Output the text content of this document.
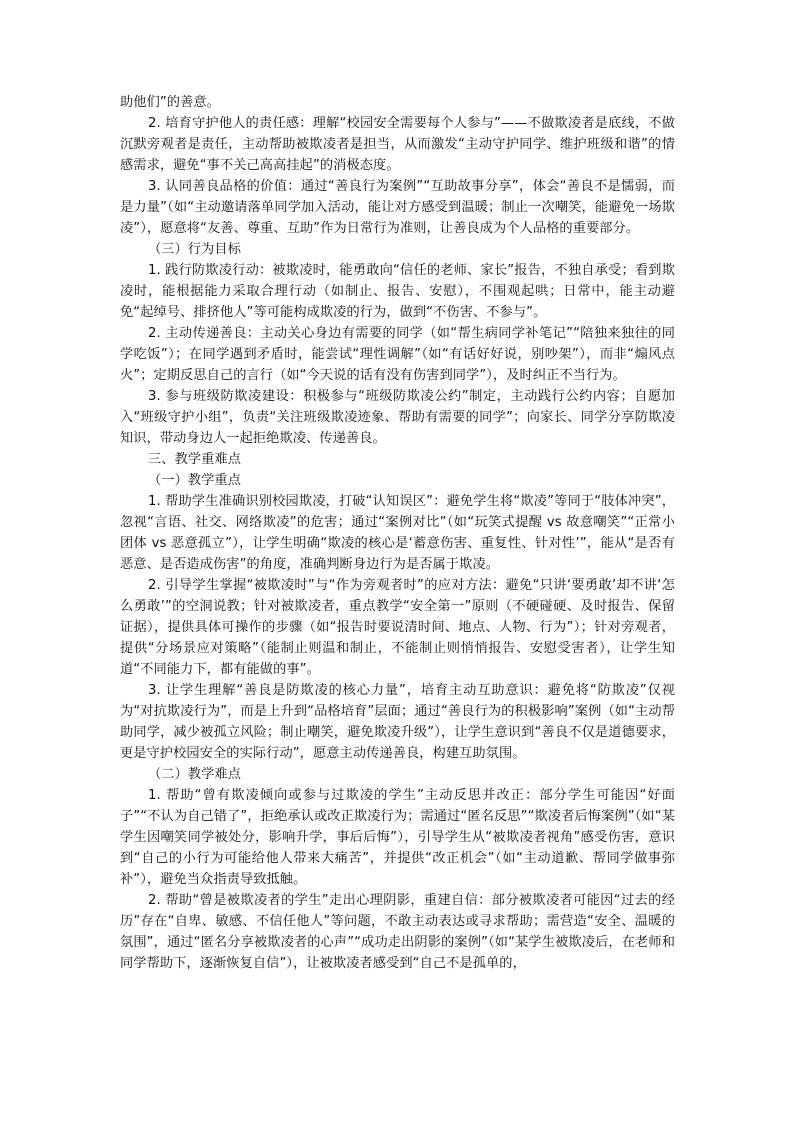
助他们”的善意。

2. 培育守护他人的责任感：理解“校园安全需要每个人参与”——不做欺凌者是底线，不做沉默旁观者是责任，主动帮助被欺凌者是担当，从而激发“主动守护同学、维护班级和谐”的情感需求，避免“事不关己高高挂起”的消极态度。

3. 认同善良品格的价值：通过“善良行为案例”“互助故事分享”，体会“善良不是懦弱，而是力量”（如“主动邀请落单同学加入活动，能让对方感受到温暖；制止一次嘲笑，能避免一场欺凌”），愿意将“友善、尊重、互助”作为日常行为准则，让善良成为个人品格的重要部分。

（三）行为目标

1. 践行防欺凌行动：被欺凌时，能勇敢向“信任的老师、家长”报告，不独自承受；看到欺凌时，能根据能力采取合理行动（如制止、报告、安慰），不围观起哄；日常中，能主动避免“起绰号、排挤他人”等可能构成欺凌的行为，做到“不伤害、不参与”。

2. 主动传递善良：主动关心身边有需要的同学（如“帮生病同学补笔记”“陪独来独往的同学吃饭”）；在同学遇到矛盾时，能尝试“理性调解”（如“有话好好说，别吵架”），而非“煽风点火”；定期反思自己的言行（如“今天说的话有没有伤害到同学”），及时纠正不当行为。

3. 参与班级防欺凌建设：积极参与“班级防欺凌公约”制定，主动践行公约内容；自愿加入“班级守护小组”，负责“关注班级欺凌迹象、帮助有需要的同学”；向家长、同学分享防欺凌知识，带动身边人一起拒绝欺凌、传递善良。

三、教学重难点

（一）教学重点

1. 帮助学生准确识别校园欺凌，打破“认知误区”：避免学生将“欺凌”等同于“肢体冲突”，忽视“言语、社交、网络欺凌”的危害；通过“案例对比”（如“玩笑式提醒 vs 故意嘲笑”“正常小团体 vs 恶意孤立”），让学生明确“欺凌的核心是‘蓄意伤害、重复性、针对性’”，能从“是否有恶意、是否造成伤害”的角度，准确判断身边行为是否属于欺凌。

2. 引导学生掌握“被欺凌时”与“作为旁观者时”的应对方法：避免“只讲‘要勇敢’却不讲‘怎么勇敢’”的空洞说教；针对被欺凌者，重点教学“安全第一”原则（不硬碰硬、及时报告、保留证据），提供具体可操作的步骤（如“报告时要说清时间、地点、人物、行为”）；针对旁观者，提供“分场景应对策略”（能制止则温和制止，不能制止则悄悄报告、安慰受害者），让学生知道“不同能力下，都有能做的事”。

3. 让学生理解“善良是防欺凌的核心力量”，培育主动互助意识：避免将“防欺凌”仅视为“对抗欺凌行为”，而是上升到“品格培育”层面；通过“善良行为的积极影响”案例（如“主动帮助同学，减少被孤立风险；制止嘲笑，避免欺凌升级”），让学生意识到“善良不仅是道德要求，更是守护校园安全的实际行动”，愿意主动传递善良，构建互助氛围。

（二）教学难点

1. 帮助“曾有欺凌倾向或参与过欺凌的学生”主动反思并改正：部分学生可能因“好面子”“不认为自己错了”，拒绝承认或改正欺凌行为；需通过“匿名反思”“欺凌者后悔案例”（如“某学生因嘲笑同学被处分，影响升学，事后后悔”），引导学生从“被欺凌者视角”感受伤害，意识到“自己的小行为可能给他人带来大痛苦”，并提供“改正机会”（如“主动道歉、帮同学做事弥补”），避免当众指责导致抵触。

2. 帮助“曾是被欺凌者的学生”走出心理阴影，重建自信：部分被欺凌者可能因“过去的经历”存在“自卑、敏感、不信任他人”等问题，不敢主动表达或寻求帮助；需营造“安全、温暖的氛围”，通过“匿名分享被欺凌者的心声”“成功走出阴影的案例”（如“某学生被欺凌后，在老师和同学帮助下，逐渐恢复自信”），让被欺凌者感受到“自己不是孤单的，
